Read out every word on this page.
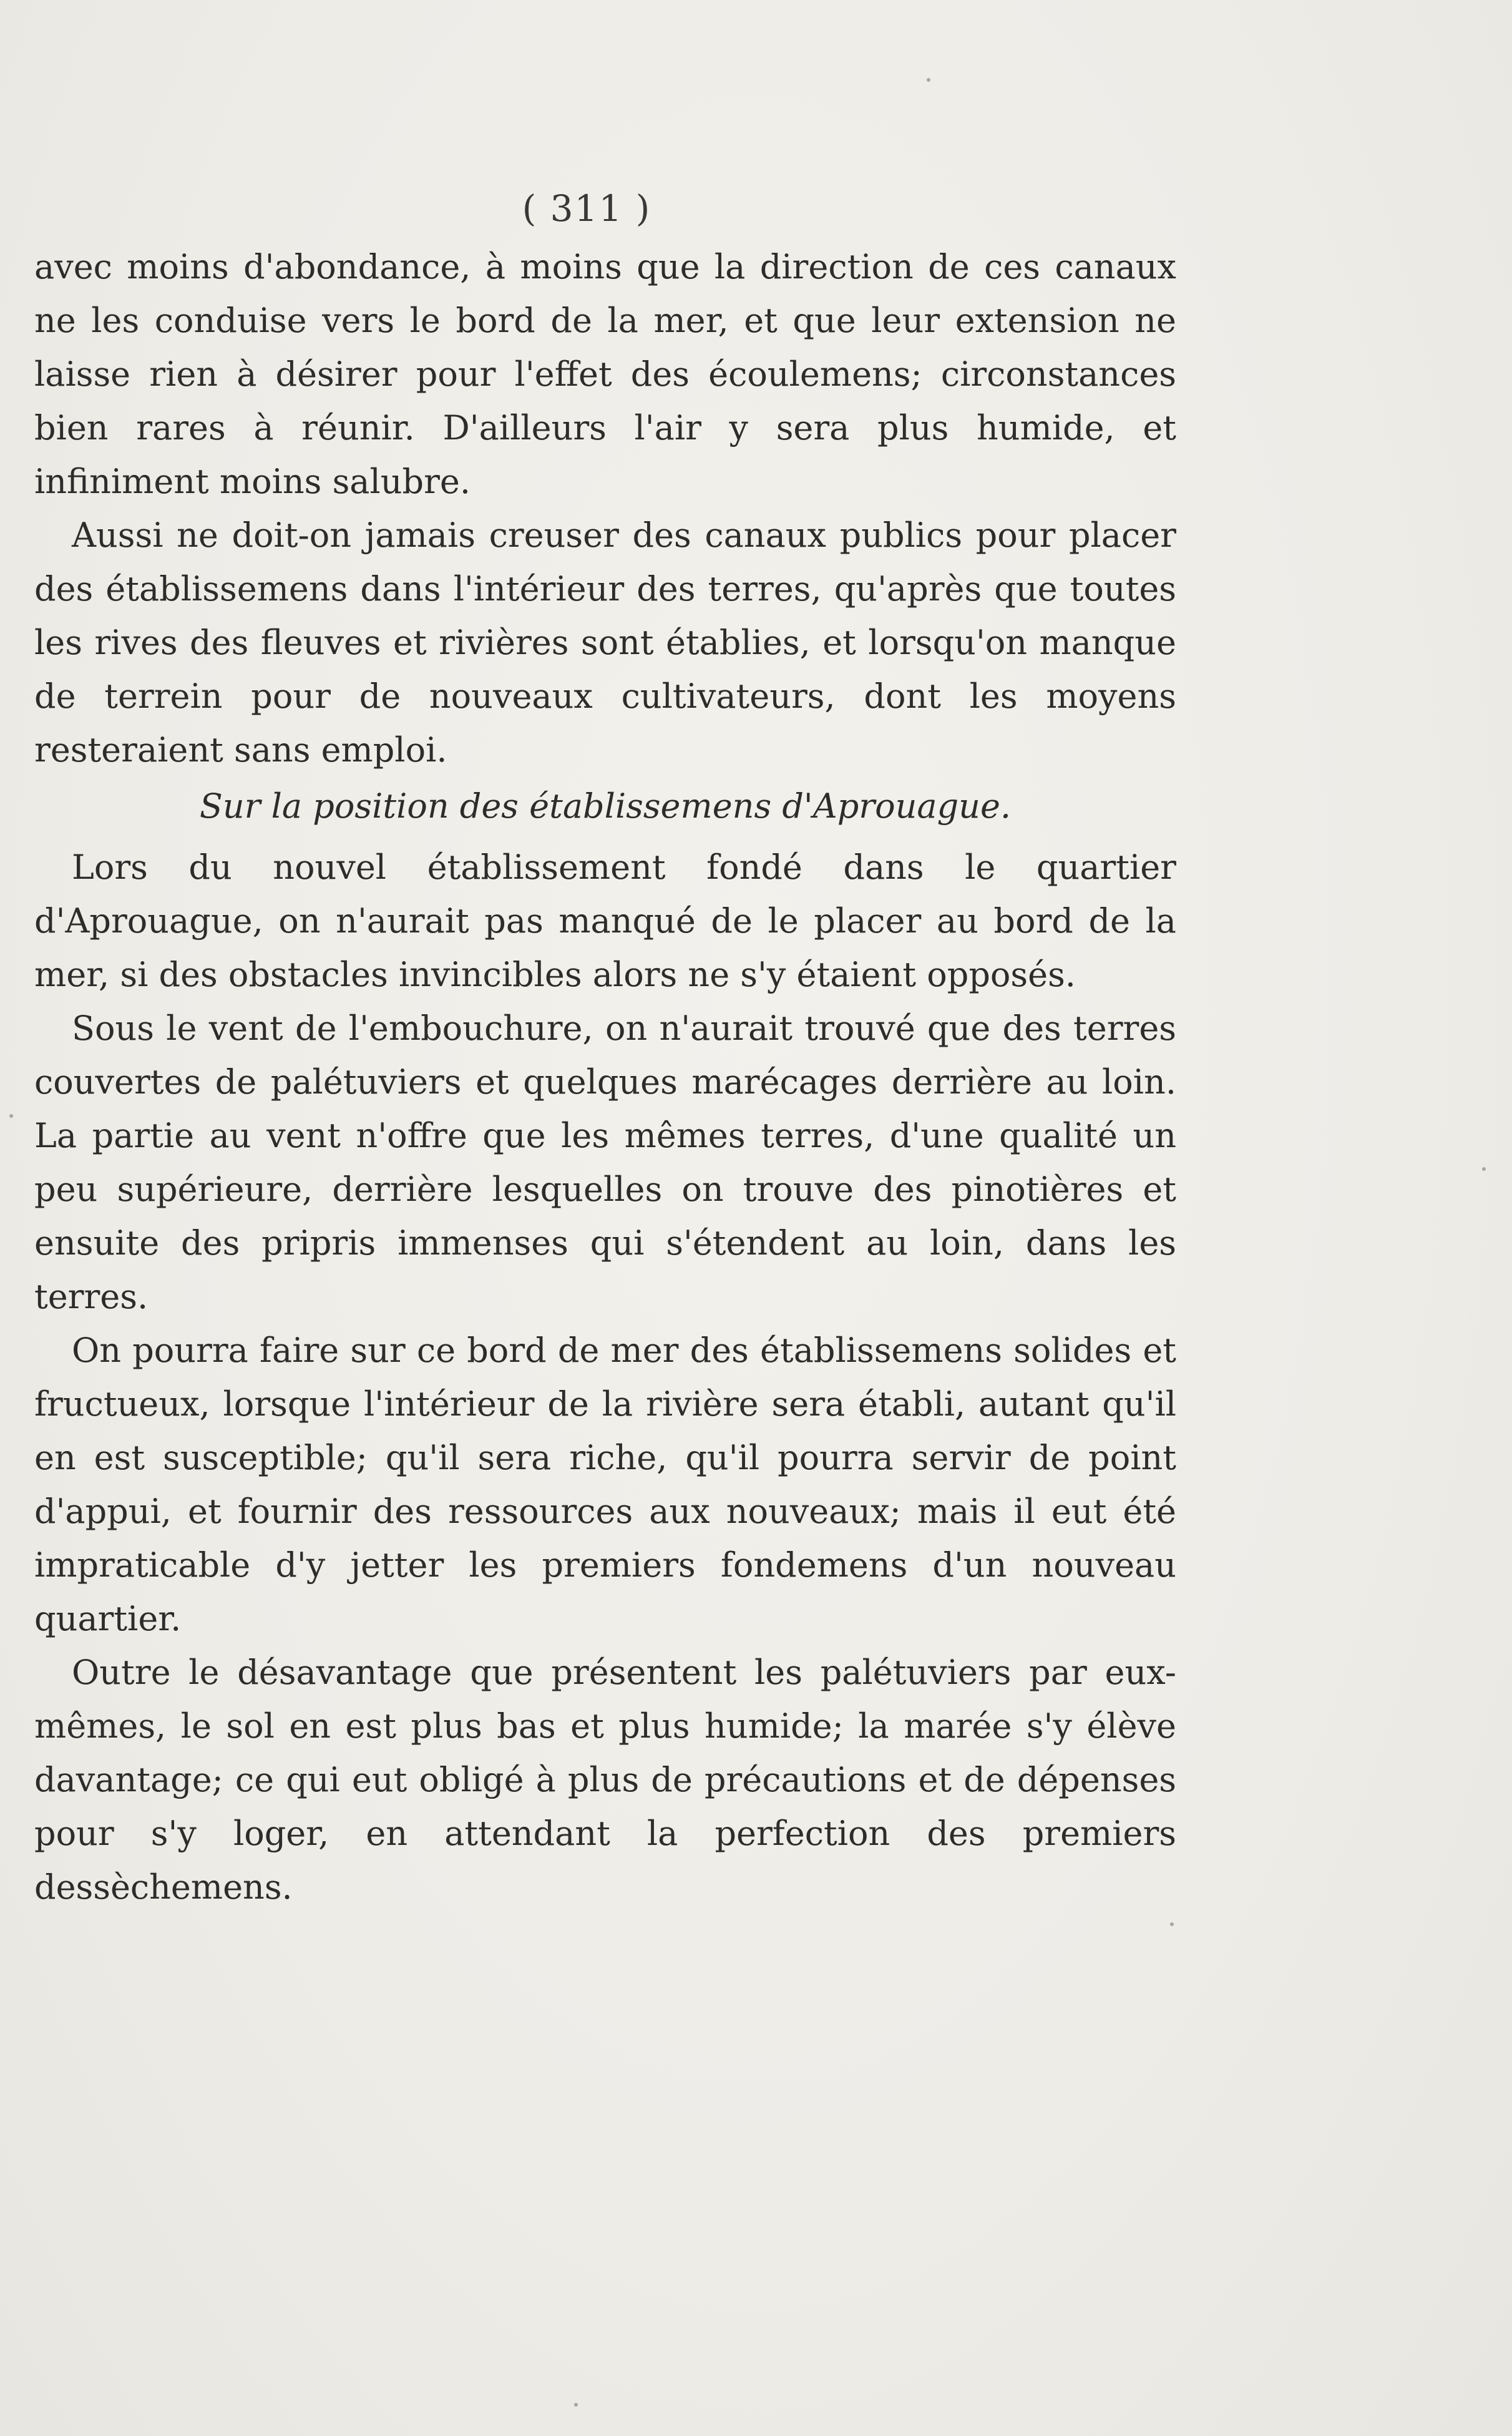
( 311 )

avec moins d'abondance, à moins que la direction de ces canaux ne les conduise vers le bord de la mer, et que leur extension ne laisse rien à désirer pour l'effet des écoulemens; circonstances bien rares à réunir. D'ailleurs l'air y sera plus humide, et infiniment moins salubre.

Aussi ne doit-on jamais creuser des canaux publics pour placer des établissemens dans l'intérieur des terres, qu'après que toutes les rives des fleuves et rivières sont établies, et lorsqu'on manque de terrein pour de nouveaux cultivateurs, dont les moyens resteraient sans emploi.

Sur la position des établissemens d'Aprouague.

Lors du nouvel établissement fondé dans le quartier d'Aprouague, on n'aurait pas manqué de le placer au bord de la mer, si des obstacles invincibles alors ne s'y étaient opposés.

Sous le vent de l'embouchure, on n'aurait trouvé que des terres couvertes de palétuviers et quelques marécages derrière au loin. La partie au vent n'offre que les mêmes terres, d'une qualité un peu supérieure, derrière lesquelles on trouve des pinotières et ensuite des pripris immenses qui s'étendent au loin, dans les terres.

On pourra faire sur ce bord de mer des établissemens solides et fructueux, lorsque l'intérieur de la rivière sera établi, autant qu'il en est susceptible; qu'il sera riche, qu'il pourra servir de point d'appui, et fournir des ressources aux nouveaux; mais il eut été impraticable d'y jetter les premiers fondemens d'un nouveau quartier.

Outre le désavantage que présentent les palétuviers par eux-mêmes, le sol en est plus bas et plus humide; la marée s'y élève davantage; ce qui eut obligé à plus de précautions et de dépenses pour s'y loger, en attendant la perfection des premiers dessèchemens.
